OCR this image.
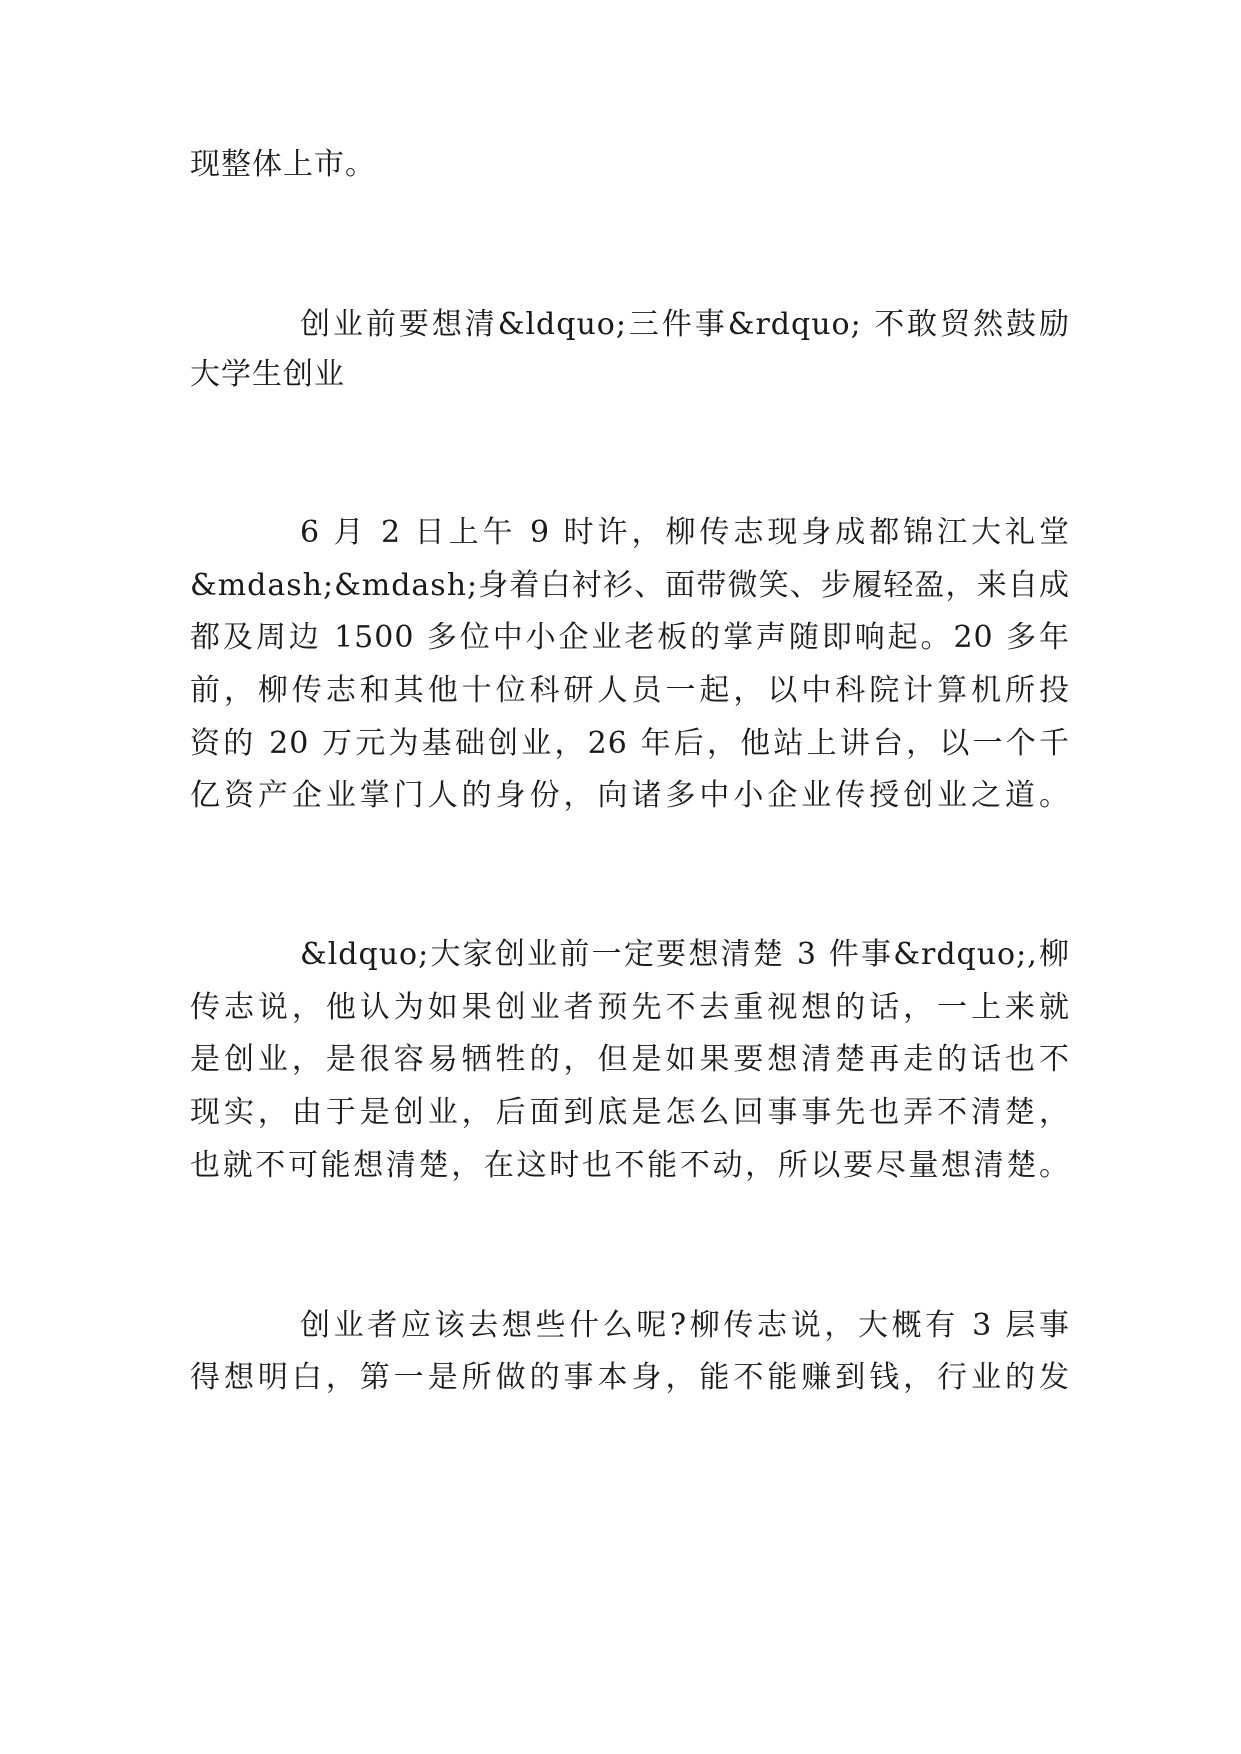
现整体上市。
创业前要想清&ldquo;三件事&rdquo; 不敢贸然鼓励
大学生创业
6 月 2 日上午 9 时许，柳传志现身成都锦江大礼堂
&mdash;&mdash;身着白衬衫、面带微笑、步履轻盈，来自成
都及周边 1500 多位中小企业老板的掌声随即响起。20 多年
前，柳传志和其他十位科研人员一起，以中科院计算机所投
资的 20 万元为基础创业，26 年后，他站上讲台，以一个千
亿资产企业掌门人的身份，向诸多中小企业传授创业之道。
&ldquo;大家创业前一定要想清楚 3 件事&rdquo;,柳
传志说，他认为如果创业者预先不去重视想的话，一上来就
是创业，是很容易牺牲的，但是如果要想清楚再走的话也不
现实，由于是创业，后面到底是怎么回事事先也弄不清楚，
也就不可能想清楚，在这时也不能不动，所以要尽量想清楚。
创业者应该去想些什么呢?柳传志说，大概有 3 层事
得想明白，第一是所做的事本身，能不能赚到钱，行业的发
